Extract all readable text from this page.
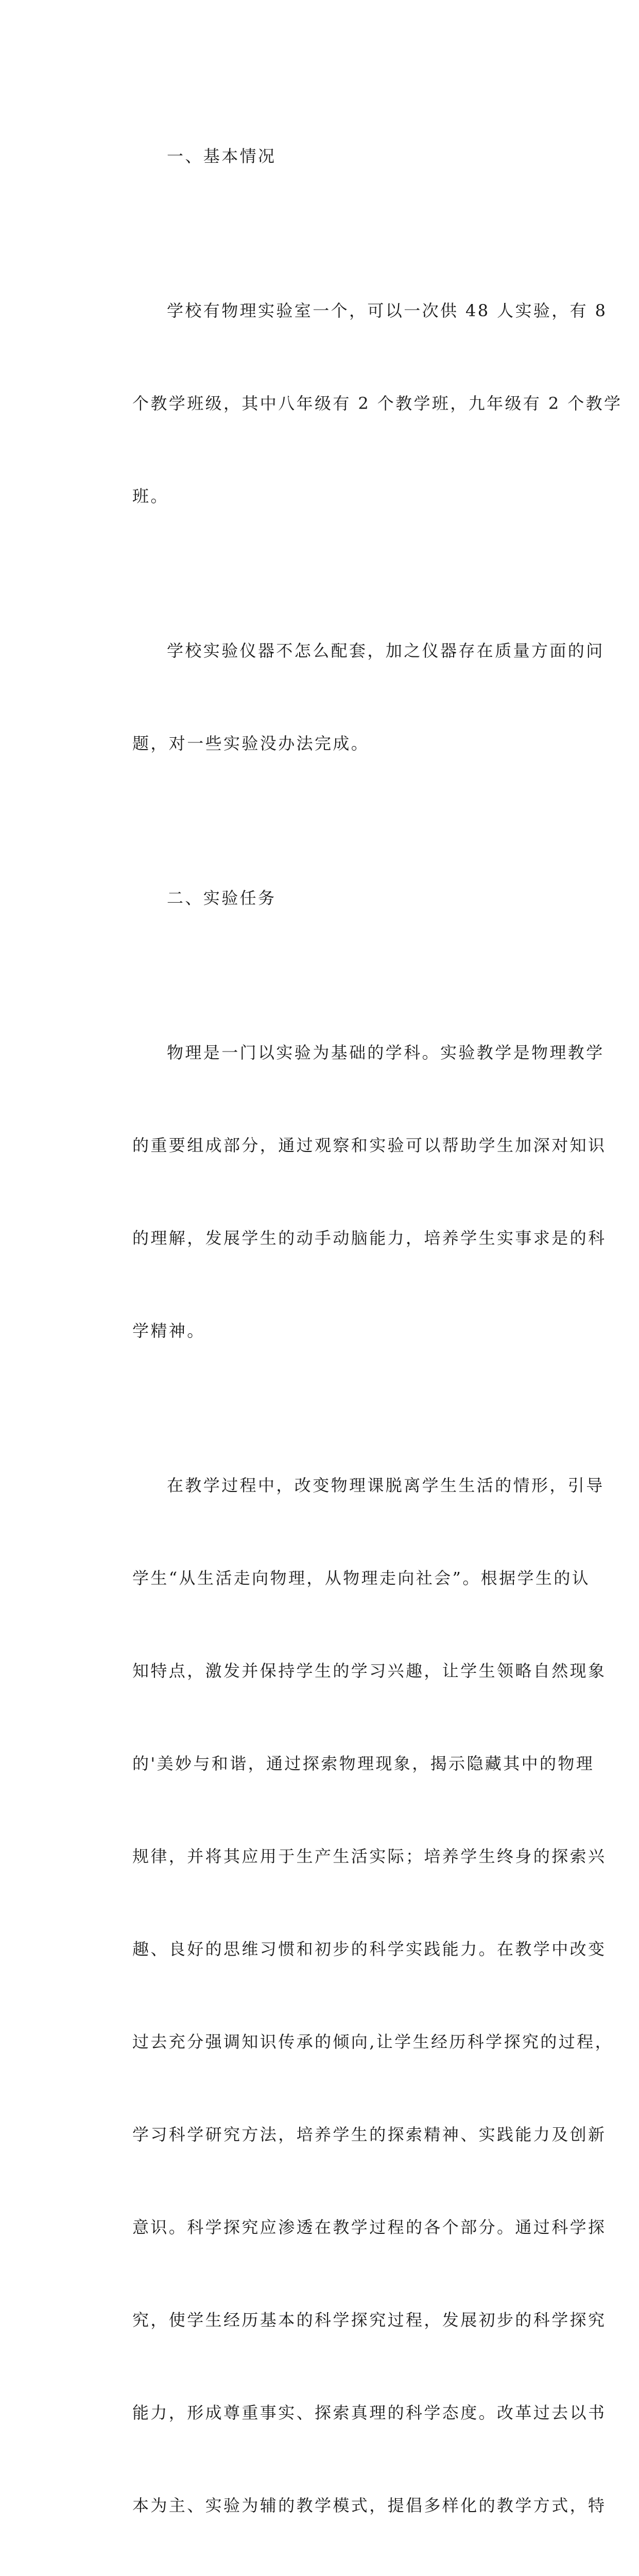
一、基本情况

学校有物理实验室一个，可以一次供 48 人实验，有 8

个教学班级，其中八年级有 2 个教学班，九年级有 2 个教学

班。

学校实验仪器不怎么配套，加之仪器存在质量方面的问

题，对一些实验没办法完成。

二、实验任务

物理是一门以实验为基础的学科。实验教学是物理教学

的重要组成部分，通过观察和实验可以帮助学生加深对知识

的理解，发展学生的动手动脑能力，培养学生实事求是的科

学精神。

在教学过程中，改变物理课脱离学生生活的情形，引导

学生“从生活走向物理，从物理走向社会”。根据学生的认

知特点，激发并保持学生的学习兴趣，让学生领略自然现象

的'美妙与和谐，通过探索物理现象，揭示隐藏其中的物理

规律，并将其应用于生产生活实际；培养学生终身的探索兴

趣、良好的思维习惯和初步的科学实践能力。在教学中改变

过去充分强调知识传承的倾向,让学生经历科学探究的过程，

学习科学研究方法，培养学生的探索精神、实践能力及创新

意识。科学探究应渗透在教学过程的各个部分。通过科学探

究，使学生经历基本的科学探究过程，发展初步的科学探究

能力，形成尊重事实、探索真理的科学态度。改革过去以书

本为主、实验为辅的教学模式，提倡多样化的教学方式，特
